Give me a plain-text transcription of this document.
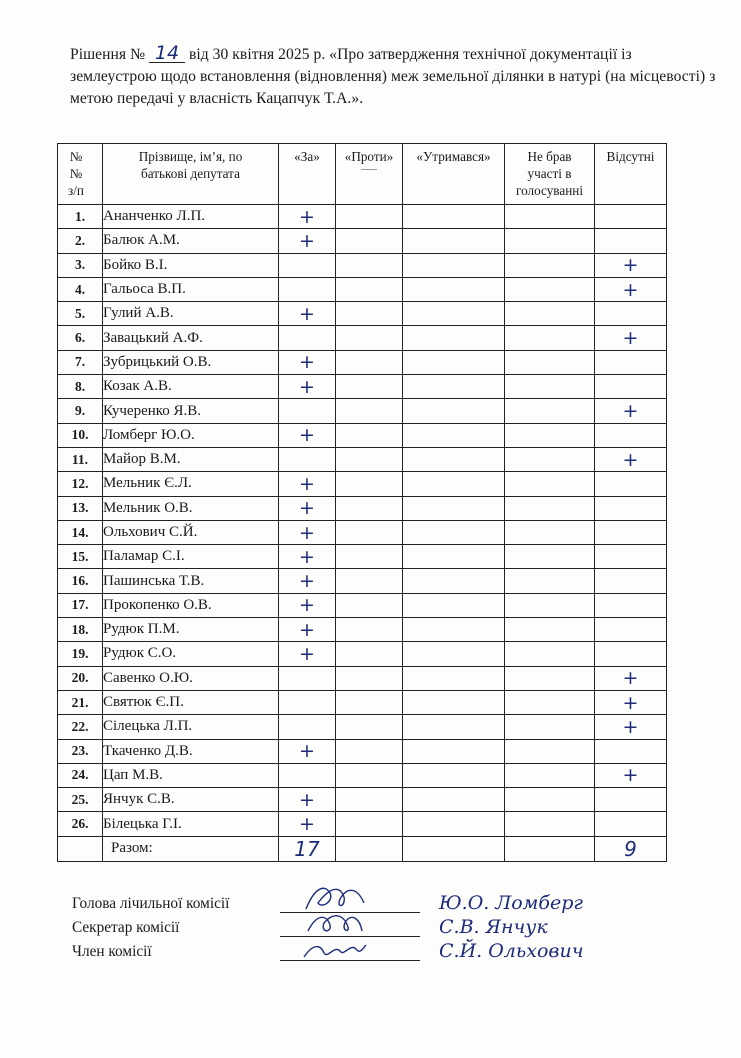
Рішення № 14 від 30 квітня 2025 р. «Про затвердження технічної документації із землеустрою щодо встановлення (відновлення) меж земельної ділянки в натурі (на місцевості) з метою передачі у власність Кацапчук Т.А.».
№№ з/п	Прізвище, ім’я, по батькові депутата	«За»	«Проти»	«Утримався»	Не брав участі в голосуванні	Відсутні
1.	Ананченко Л.П.	+				
2.	Балюк А.М.	+				
3.	Бойко В.І.					+
4.	Гальоса В.П.					+
5.	Гулий А.В.	+				
6.	Завацький А.Ф.					+
7.	Зубрицький О.В.	+				
8.	Козак А.В.	+				
9.	Кучеренко Я.В.					+
10.	Ломберг Ю.О.	+				
11.	Майор В.М.					+
12.	Мельник Є.Л.	+				
13.	Мельник О.В.	+				
14.	Ольхович С.Й.	+				
15.	Паламар С.І.	+				
16.	Пашинська Т.В.	+				
17.	Прокопенко О.В.	+				
18.	Рудюк П.М.	+				
19.	Рудюк С.О.	+				
20.	Савенко О.Ю.					+
21.	Святюк Є.П.					+
22.	Сілецька Л.П.					+
23.	Ткаченко Д.В.	+				
24.	Цап М.В.					+
25.	Янчук С.В.	+				
26.	Білецька Г.І.	+				
	Разом:	17				9
Голова лічильної комісії	Ю.О. Ломберг
Секретар комісії	С.В. Янчук
Член комісії	С.Й. Ольхович
